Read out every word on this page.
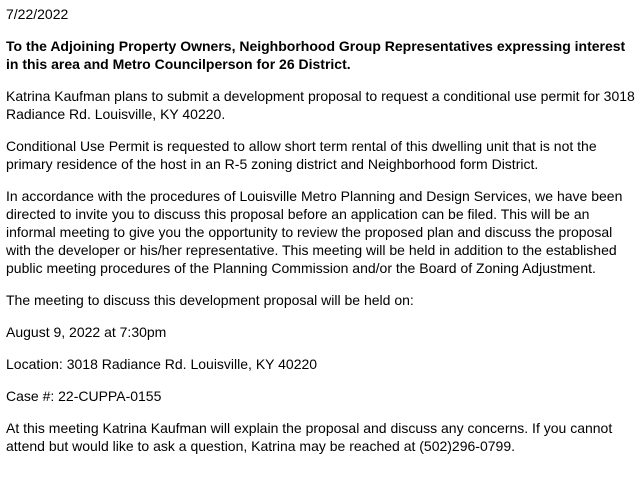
7/22/2022
To the Adjoining Property Owners, Neighborhood Group Representatives expressing interest in this area and Metro Councilperson for 26 District.

Katrina Kaufman plans to submit a development proposal to request a conditional use permit for 3018 Radiance Rd. Louisville, KY 40220.

Conditional Use Permit is requested to allow short term rental of this dwelling unit that is not the primary residence of the host in an R-5 zoning district and Neighborhood form District.

In accordance with the procedures of Louisville Metro Planning and Design Services, we have been directed to invite you to discuss this proposal before an application can be filed. This will be an informal meeting to give you the opportunity to review the proposed plan and discuss the proposal with the developer or his/her representative. This meeting will be held in addition to the established public meeting procedures of the Planning Commission and/or the Board of Zoning Adjustment.

The meeting to discuss this development proposal will be held on:

August 9, 2022 at 7:30pm

Location: 3018 Radiance Rd. Louisville, KY 40220

Case #: 22-CUPPA-0155

At this meeting Katrina Kaufman will explain the proposal and discuss any concerns. If you cannot attend but would like to ask a question, Katrina may be reached at (502)296-0799.
